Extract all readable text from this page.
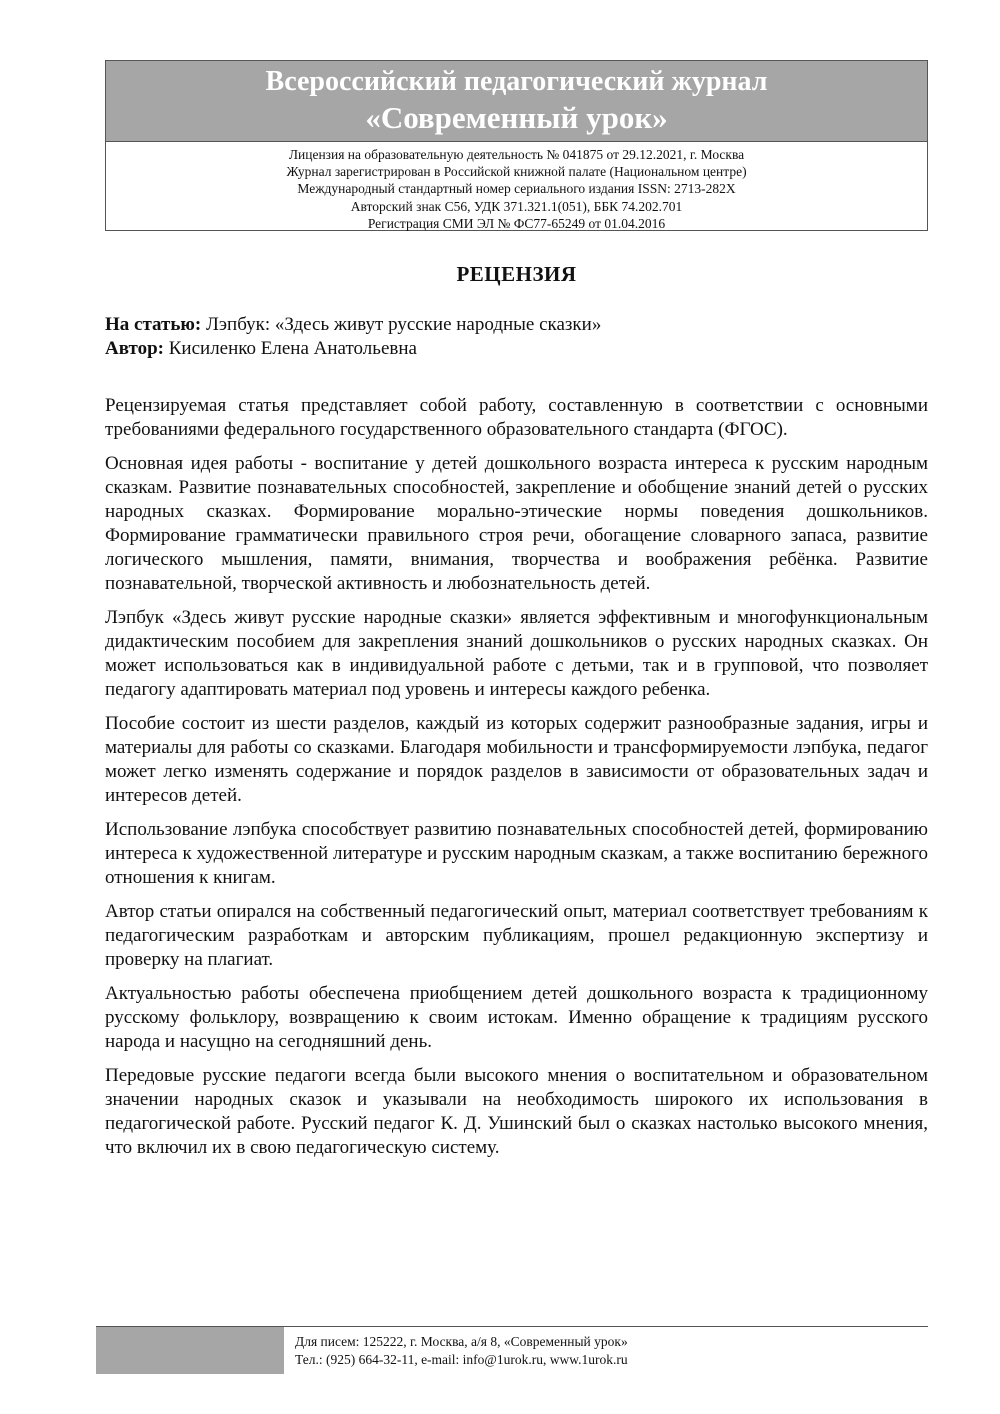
Всероссийский педагогический журнал
«Современный урок»
Лицензия на образовательную деятельность № 041875 от 29.12.2021, г. Москва
Журнал зарегистрирован в Российской книжной палате (Национальном центре)
Международный стандартный номер сериального издания ISSN: 2713-282X
Авторский знак С56, УДК 371.321.1(051), ББК 74.202.701
Регистрация СМИ ЭЛ № ФС77-65249 от 01.04.2016
РЕЦЕНЗИЯ
На статью: Лэпбук: «Здесь живут русские народные сказки»
Автор: Кисиленко Елена Анатольевна

Рецензируемая статья представляет собой работу, составленную в соответствии с основными требованиями федерального государственного образовательного стандарта (ФГОС).

Основная идея работы - воспитание у детей дошкольного возраста интереса к русским народным сказкам. Развитие познавательных способностей, закрепление и обобщение знаний детей о русских народных сказках. Формирование морально-этические нормы поведения дошкольников. Формирование грамматически правильного строя речи, обогащение словарного запаса, развитие логического мышления, памяти, внимания, творчества и воображения ребёнка. Развитие познавательной, творческой активность и любознательность детей.

Лэпбук «Здесь живут русские народные сказки» является эффективным и многофункциональным дидактическим пособием для закрепления знаний дошкольников о русских народных сказках. Он может использоваться как в индивидуальной работе с детьми, так и в групповой, что позволяет педагогу адаптировать материал под уровень и интересы каждого ребенка.

Пособие состоит из шести разделов, каждый из которых содержит разнообразные задания, игры и материалы для работы со сказками. Благодаря мобильности и трансформируемости лэпбука, педагог может легко изменять содержание и порядок разделов в зависимости от образовательных задач и интересов детей.

Использование лэпбука способствует развитию познавательных способностей детей, формированию интереса к художественной литературе и русским народным сказкам, а также воспитанию бережного отношения к книгам.

Автор статьи опирался на собственный педагогический опыт, материал соответствует требованиям к педагогическим разработкам и авторским публикациям, прошел редакционную экспертизу и проверку на плагиат.

Актуальностью работы обеспечена приобщением детей дошкольного возраста к традиционному русскому фольклору, возвращению к своим истокам. Именно обращение к традициям русского народа и насущно на сегодняшний день.

Передовые русские педагоги всегда были высокого мнения о воспитательном и образовательном значении народных сказок и указывали на необходимость широкого их использования в педагогической работе. Русский педагог К. Д. Ушинский был о сказках настолько высокого мнения, что включил их в свою педагогическую систему.

Для писем: 125222, г. Москва, а/я 8, «Современный урок»
Тел.: (925) 664-32-11, e-mail: info@1urok.ru, www.1urok.ru
